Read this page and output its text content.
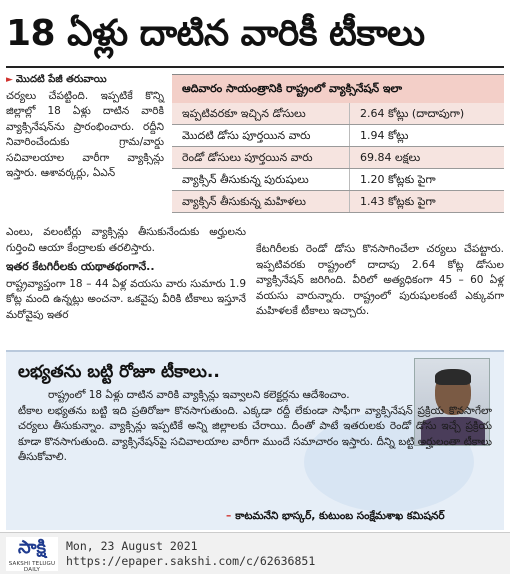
18 ఏళ్లు దాటిన వారికీ టీకాలు
► మొదటి పేజీ తరువాయి
చర్యలు చేపట్టింది. ఇప్పటికే కొన్ని జిల్లాల్లో 18 ఏళ్లు దాటిన వారికి వ్యాక్సినేషన్‌ను ప్రారంభించారు. రద్దీని నివారించేందుకు గ్రామ/వార్డు సచివాలయాల వారీగా వ్యాక్సిన్లు ఇస్తారు. ఆశావర్కర్లు, ఏఎన్‌
ఆదివారం సాయంత్రానికి రాష్ట్రంలో వ్యాక్సినేషన్ ఇలా
ఇప్పటివరకూ ఇచ్చిన డోసులు	2.64 కోట్లు (దాదాపుగా)
మొదటి డోసు పూర్తయిన వారు	1.94 కోట్లు
రెండో డోసులు పూర్తయిన వారు	69.84 లక్షలు
వ్యాక్సిన్ తీసుకున్న పురుషులు	1.20 కోట్లకు పైగా
వ్యాక్సిన్ తీసుకున్న మహిళలు	1.43 కోట్లకు పైగా
ఎంలు, వలంటీర్లు వ్యాక్సిన్లు తీసుకునేందుకు అర్హులను గుర్తించి ఆయా కేంద్రాలకు తరలిస్తారు.
ఇతర కేటగిరీలకు యథాతథంగానే..
రాష్ట్రవ్యాప్తంగా 18 – 44 ఏళ్ల వయసు వారు సుమారు 1.9 కోట్ల మంది ఉన్నట్లు అంచనా. ఒకవైపు వీరికి టీకాలు ఇస్తూనే మరోవైపు ఇతర
కేటగిరీలకు రెండో డోసు కొనసాగించేలా చర్యలు చేపట్టారు. ఇప్పటివరకు రాష్ట్రంలో దాదాపు 2.64 కోట్ల డోసుల వ్యాక్సినేషన్ జరిగింది. వీరిలో అత్యధికంగా 45 – 60 ఏళ్ల వయసు వారున్నారు. రాష్ట్రంలో పురుషులకంటే ఎక్కువగా మహిళలకే టీకాలు ఇచ్చారు.
లభ్యతను బట్టి రోజూ టీకాలు..
రాష్ట్రంలో 18 ఏళ్లు దాటిన వారికి వ్యాక్సిన్లు ఇవ్వాలని కలెక్టర్లను ఆదేశించాం.
టీకాల లభ్యతను బట్టి ఇది ప్రతిరోజూ కొనసాగుతుంది. ఎక్కడా రద్దీ లేకుండా సాఫీగా వ్యాక్సినేషన్ ప్రక్రియ కొనసాగేలా చర్యలు తీసుకున్నాం. వ్యాక్సిన్లు ఇప్పటికే అన్ని జిల్లాలకు చేరాయి. దీంతో పాటే ఇతరులకు రెండో డోసు ఇచ్చే ప్రక్రియ కూడా కొనసాగుతుంది. వ్యాక్సినేషన్‌పై సచివాలయాల వారీగా ముందే సమాచారం ఇస్తారు. దీన్ని బట్టి అర్హులంతా టీకాలు తీసుకోవాలి.
– కాటమనేని భాస్కర్, కుటుంబ సంక్షేమశాఖ కమిషనర్
సాక్షి
SAKSHI TELUGU DAILY
Mon, 23 August 2021
https://epaper.sakshi.com/c/62636851
